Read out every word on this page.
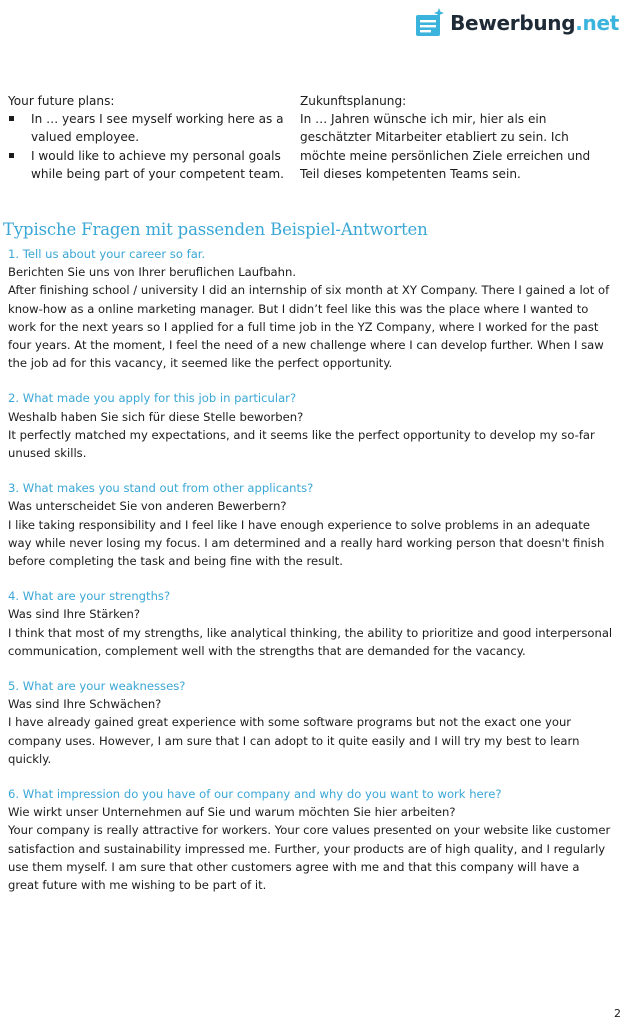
Bewerbung.net
Your future plans:
In … years I see myself working here as a valued employee.
I would like to achieve my personal goals while being part of your competent team.
Zukunftsplanung:
In … Jahren wünsche ich mir, hier als ein geschätzter Mitarbeiter etabliert zu sein. Ich möchte meine persönlichen Ziele erreichen und Teil dieses kompetenten Teams sein.
Typische Fragen mit passenden Beispiel-Antworten
1. Tell us about your career so far.
Berichten Sie uns von Ihrer beruflichen Laufbahn.
After finishing school / university I did an internship of six month at XY Company. There I gained a lot of know-how as a online marketing manager. But I didn’t feel like this was the place where I wanted to work for the next years so I applied for a full time job in the YZ Company, where I worked for the past four years. At the moment, I feel the need of a new challenge where I can develop further. When I saw the job ad for this vacancy, it seemed like the perfect opportunity.
2. What made you apply for this job in particular?
Weshalb haben Sie sich für diese Stelle beworben?
It perfectly matched my expectations, and it seems like the perfect opportunity to develop my so-far unused skills.
3. What makes you stand out from other applicants?
Was unterscheidet Sie von anderen Bewerbern?
I like taking responsibility and I feel like I have enough experience to solve problems in an adequate way while never losing my focus. I am determined and a really hard working person that doesn't finish before completing the task and being fine with the result.
4. What are your strengths?
Was sind Ihre Stärken?
I think that most of my strengths, like analytical thinking, the ability to prioritize and good interpersonal communication, complement well with the strengths that are demanded for the vacancy.
5. What are your weaknesses?
Was sind Ihre Schwächen?
I have already gained great experience with some software programs but not the exact one your company uses. However, I am sure that I can adopt to it quite easily and I will try my best to learn quickly.
6. What impression do you have of our company and why do you want to work here?
Wie wirkt unser Unternehmen auf Sie und warum möchten Sie hier arbeiten?
Your company is really attractive for workers. Your core values presented on your website like customer satisfaction and sustainability impressed me. Further, your products are of high quality, and I regularly use them myself. I am sure that other customers agree with me and that this company will have a great future with me wishing to be part of it.
2
